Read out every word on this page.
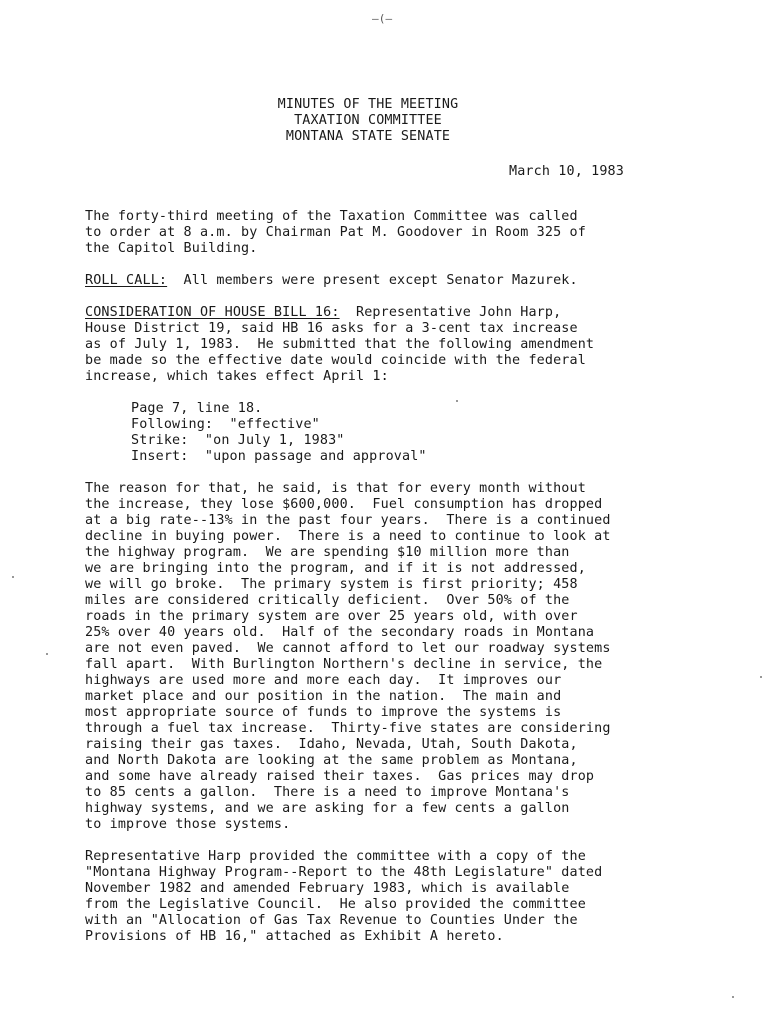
—(—
MINUTES OF THE MEETING
TAXATION COMMITTEE
MONTANA STATE SENATE
March 10, 1983
The forty-third meeting of the Taxation Committee was called
to order at 8 a.m. by Chairman Pat M. Goodover in Room 325 of
the Capitol Building.
ROLL CALL:  All members were present except Senator Mazurek.
CONSIDERATION OF HOUSE BILL 16:  Representative John Harp,
House District 19, said HB 16 asks for a 3-cent tax increase
as of July 1, 1983.  He submitted that the following amendment
be made so the effective date would coincide with the federal
increase, which takes effect April 1:
Page 7, line 18.
Following:  "effective"
Strike:  "on July 1, 1983"
Insert:  "upon passage and approval"
The reason for that, he said, is that for every month without
the increase, they lose $600,000.  Fuel consumption has dropped
at a big rate--13% in the past four years.  There is a continued
decline in buying power.  There is a need to continue to look at
the highway program.  We are spending $10 million more than
we are bringing into the program, and if it is not addressed,
we will go broke.  The primary system is first priority; 458
miles are considered critically deficient.  Over 50% of the
roads in the primary system are over 25 years old, with over
25% over 40 years old.  Half of the secondary roads in Montana
are not even paved.  We cannot afford to let our roadway systems
fall apart.  With Burlington Northern's decline in service, the
highways are used more and more each day.  It improves our
market place and our position in the nation.  The main and
most appropriate source of funds to improve the systems is
through a fuel tax increase.  Thirty-five states are considering
raising their gas taxes.  Idaho, Nevada, Utah, South Dakota,
and North Dakota are looking at the same problem as Montana,
and some have already raised their taxes.  Gas prices may drop
to 85 cents a gallon.  There is a need to improve Montana's
highway systems, and we are asking for a few cents a gallon
to improve those systems.
Representative Harp provided the committee with a copy of the
"Montana Highway Program--Report to the 48th Legislature" dated
November 1982 and amended February 1983, which is available
from the Legislative Council.  He also provided the committee
with an "Allocation of Gas Tax Revenue to Counties Under the
Provisions of HB 16," attached as Exhibit A hereto.
